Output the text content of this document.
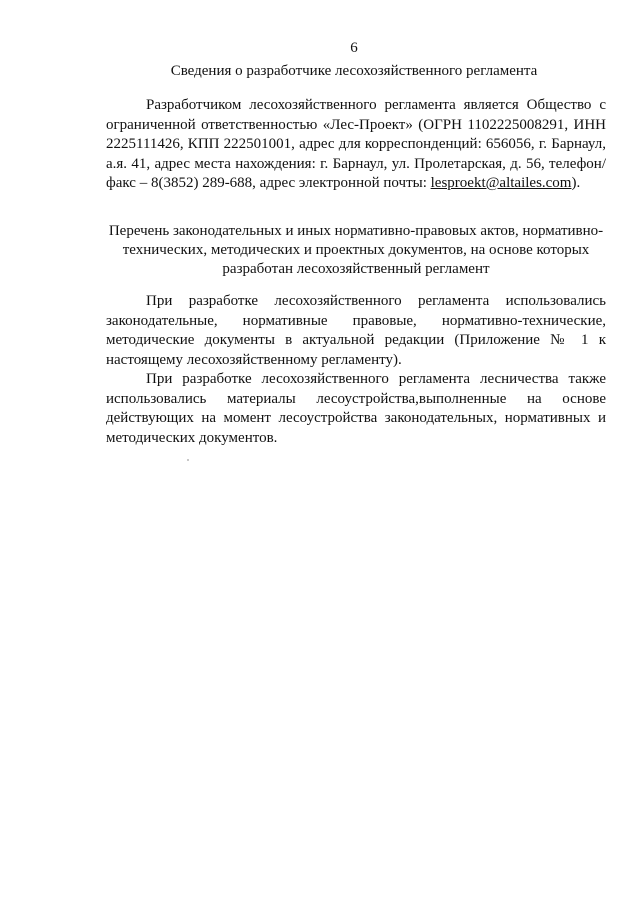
6
Сведения о разработчике лесохозяйственного регламента

Разработчиком лесохозяйственного регламента является Общество с ограниченной ответственностью «Лес-Проект» (ОГРН 1102225008291, ИНН 2225111426, КПП 222501001, адрес для корреспонденций: 656056, г. Барнаул, а.я. 41, адрес места нахождения: г. Барнаул, ул. Пролетарская, д. 56, телефон/факс – 8(3852) 289-688, адрес электронной почты: lesproekt@altailes.com).

Перечень законодательных и иных нормативно-правовых актов, нормативно-технических, методических и проектных документов, на основе которых разработан лесохозяйственный регламент

При разработке лесохозяйственного регламента использовались законодательные, нормативные правовые, нормативно-технические, методические документы в актуальной редакции (Приложение № 1 к настоящему лесохозяйственному регламенту).

При разработке лесохозяйственного регламента лесничества также использовались материалы лесоустройства,выполненные на основе действующих на момент лесоустройства законодательных, нормативных и методических документов.
